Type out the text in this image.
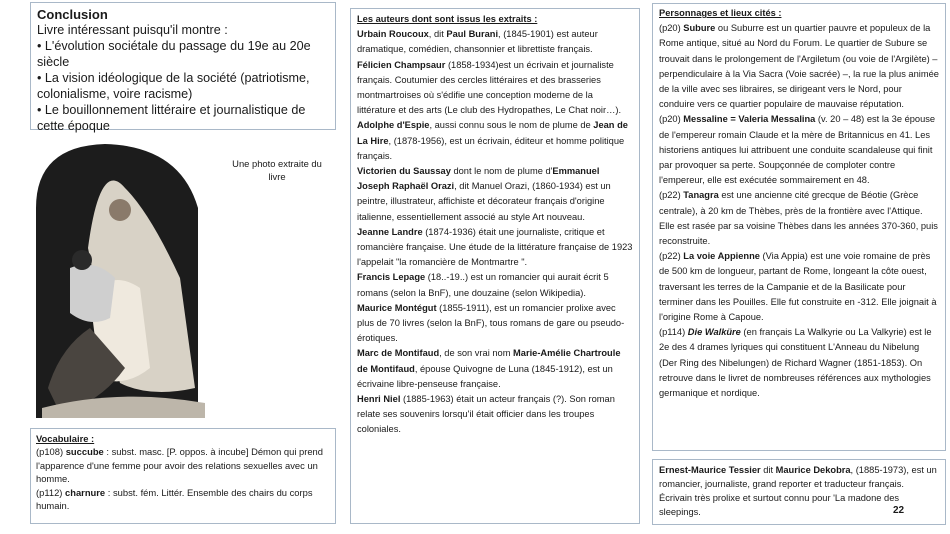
Conclusion
Livre intéressant puisqu'il montre :
• L'évolution sociétale du passage du 19e au 20e siècle
• La vision idéologique de la société (patriotisme, colonialisme, voire racisme)
• Le bouillonnement littéraire et journalistique de cette époque
Une photo extraite du livre
Vocabulaire :

(p108) succube : subst. masc. [P. oppos. à incube] Démon qui prend l'apparence d'une femme pour avoir des relations sexuelles avec un homme.

(p112) charnure : subst. fém. Littér. Ensemble des chairs du corps humain.

Les auteurs dont sont issus les extraits :

Urbain Roucoux, dit Paul Burani, (1845-1901) est auteur dramatique, comédien, chansonnier et librettiste français.

Félicien Champsaur (1858-1934)est un écrivain et journaliste français. Coutumier des cercles littéraires et des brasseries montmartroises où s'édifie une conception moderne de la littérature et des arts (Le club des Hydropathes, Le Chat noir…).

Adolphe d'Espie, aussi connu sous le nom de plume de Jean de La Hire, (1878-1956), est un écrivain, éditeur et homme politique français.

Victorien du Saussay dont le nom de plume d'Emmanuel Joseph Raphaël Orazi, dit Manuel Orazi, (1860-1934) est un peintre, illustrateur, affichiste et décorateur français d'origine italienne, essentiellement associé au style Art nouveau.

Jeanne Landre (1874-1936) était une journaliste, critique et romancière française. Une étude de la littérature française de 1923 l'appelait "la romancière de Montmartre ".

Francis Lepage (18..-19..) est un romancier qui aurait écrit 5 romans (selon la BnF), une douzaine (selon Wikipedia).

Maurice Montégut (1855-1911), est un romancier prolixe avec plus de 70 livres (selon la BnF), tous romans de gare ou pseudo-érotiques.

Marc de Montifaud, de son vrai nom Marie-Amélie Chartroule de Montifaud, épouse Quivogne de Luna (1845-1912), est un écrivaine libre-penseuse française.

Henri Niel (1885-1963) était un acteur français (?). Son roman relate ses souvenirs lorsqu'il était officier dans les troupes coloniales.

Personnages et lieux cités :

(p20) Subure ou Suburre est un quartier pauvre et populeux de la Rome antique, situé au Nord du Forum. Le quartier de Subure se trouvait dans le prolongement de l'Argiletum (ou voie de l'Argilète) – perpendiculaire à la Via Sacra (Voie sacrée) –, la rue la plus animée de la ville avec ses libraires, se dirigeant vers le Nord, pour conduire vers ce quartier populaire de mauvaise réputation.

(p20) Messaline = Valeria Messalina (v. 20 – 48) est la 3e épouse de l'empereur romain Claude et la mère de Britannicus en 41. Les historiens antiques lui attribuent une conduite scandaleuse qui finit par provoquer sa perte. Soupçonnée de comploter contre l'empereur, elle est exécutée sommairement en 48.

(p22) Tanagra est une ancienne cité grecque de Béotie (Grèce centrale), à 20 km de Thèbes, près de la frontière avec l'Attique. Elle est rasée par sa voisine Thèbes dans les années 370-360, puis reconstruite.

(p22) La voie Appienne (Via Appia) est une voie romaine de près de 500 km de longueur, partant de Rome, longeant la côte ouest, traversant les terres de la Campanie et de la Basilicate pour terminer dans les Pouilles. Elle fut construite en -312. Elle joignait à l'origine Rome à Capoue.

(p114) Die Walküre (en français La Walkyrie ou La Valkyrie) est le 2e des 4 drames lyriques qui constituent L'Anneau du Nibelung (Der Ring des Nibelungen) de Richard Wagner (1851-1853). On retrouve dans le livret de nombreuses références aux mythologies germanique et nordique.

Ernest-Maurice Tessier dit Maurice Dekobra, (1885-1973), est un romancier, journaliste, grand reporter et traducteur français. Écrivain très prolixe et surtout connu pour 'La madone des sleepings.	22
